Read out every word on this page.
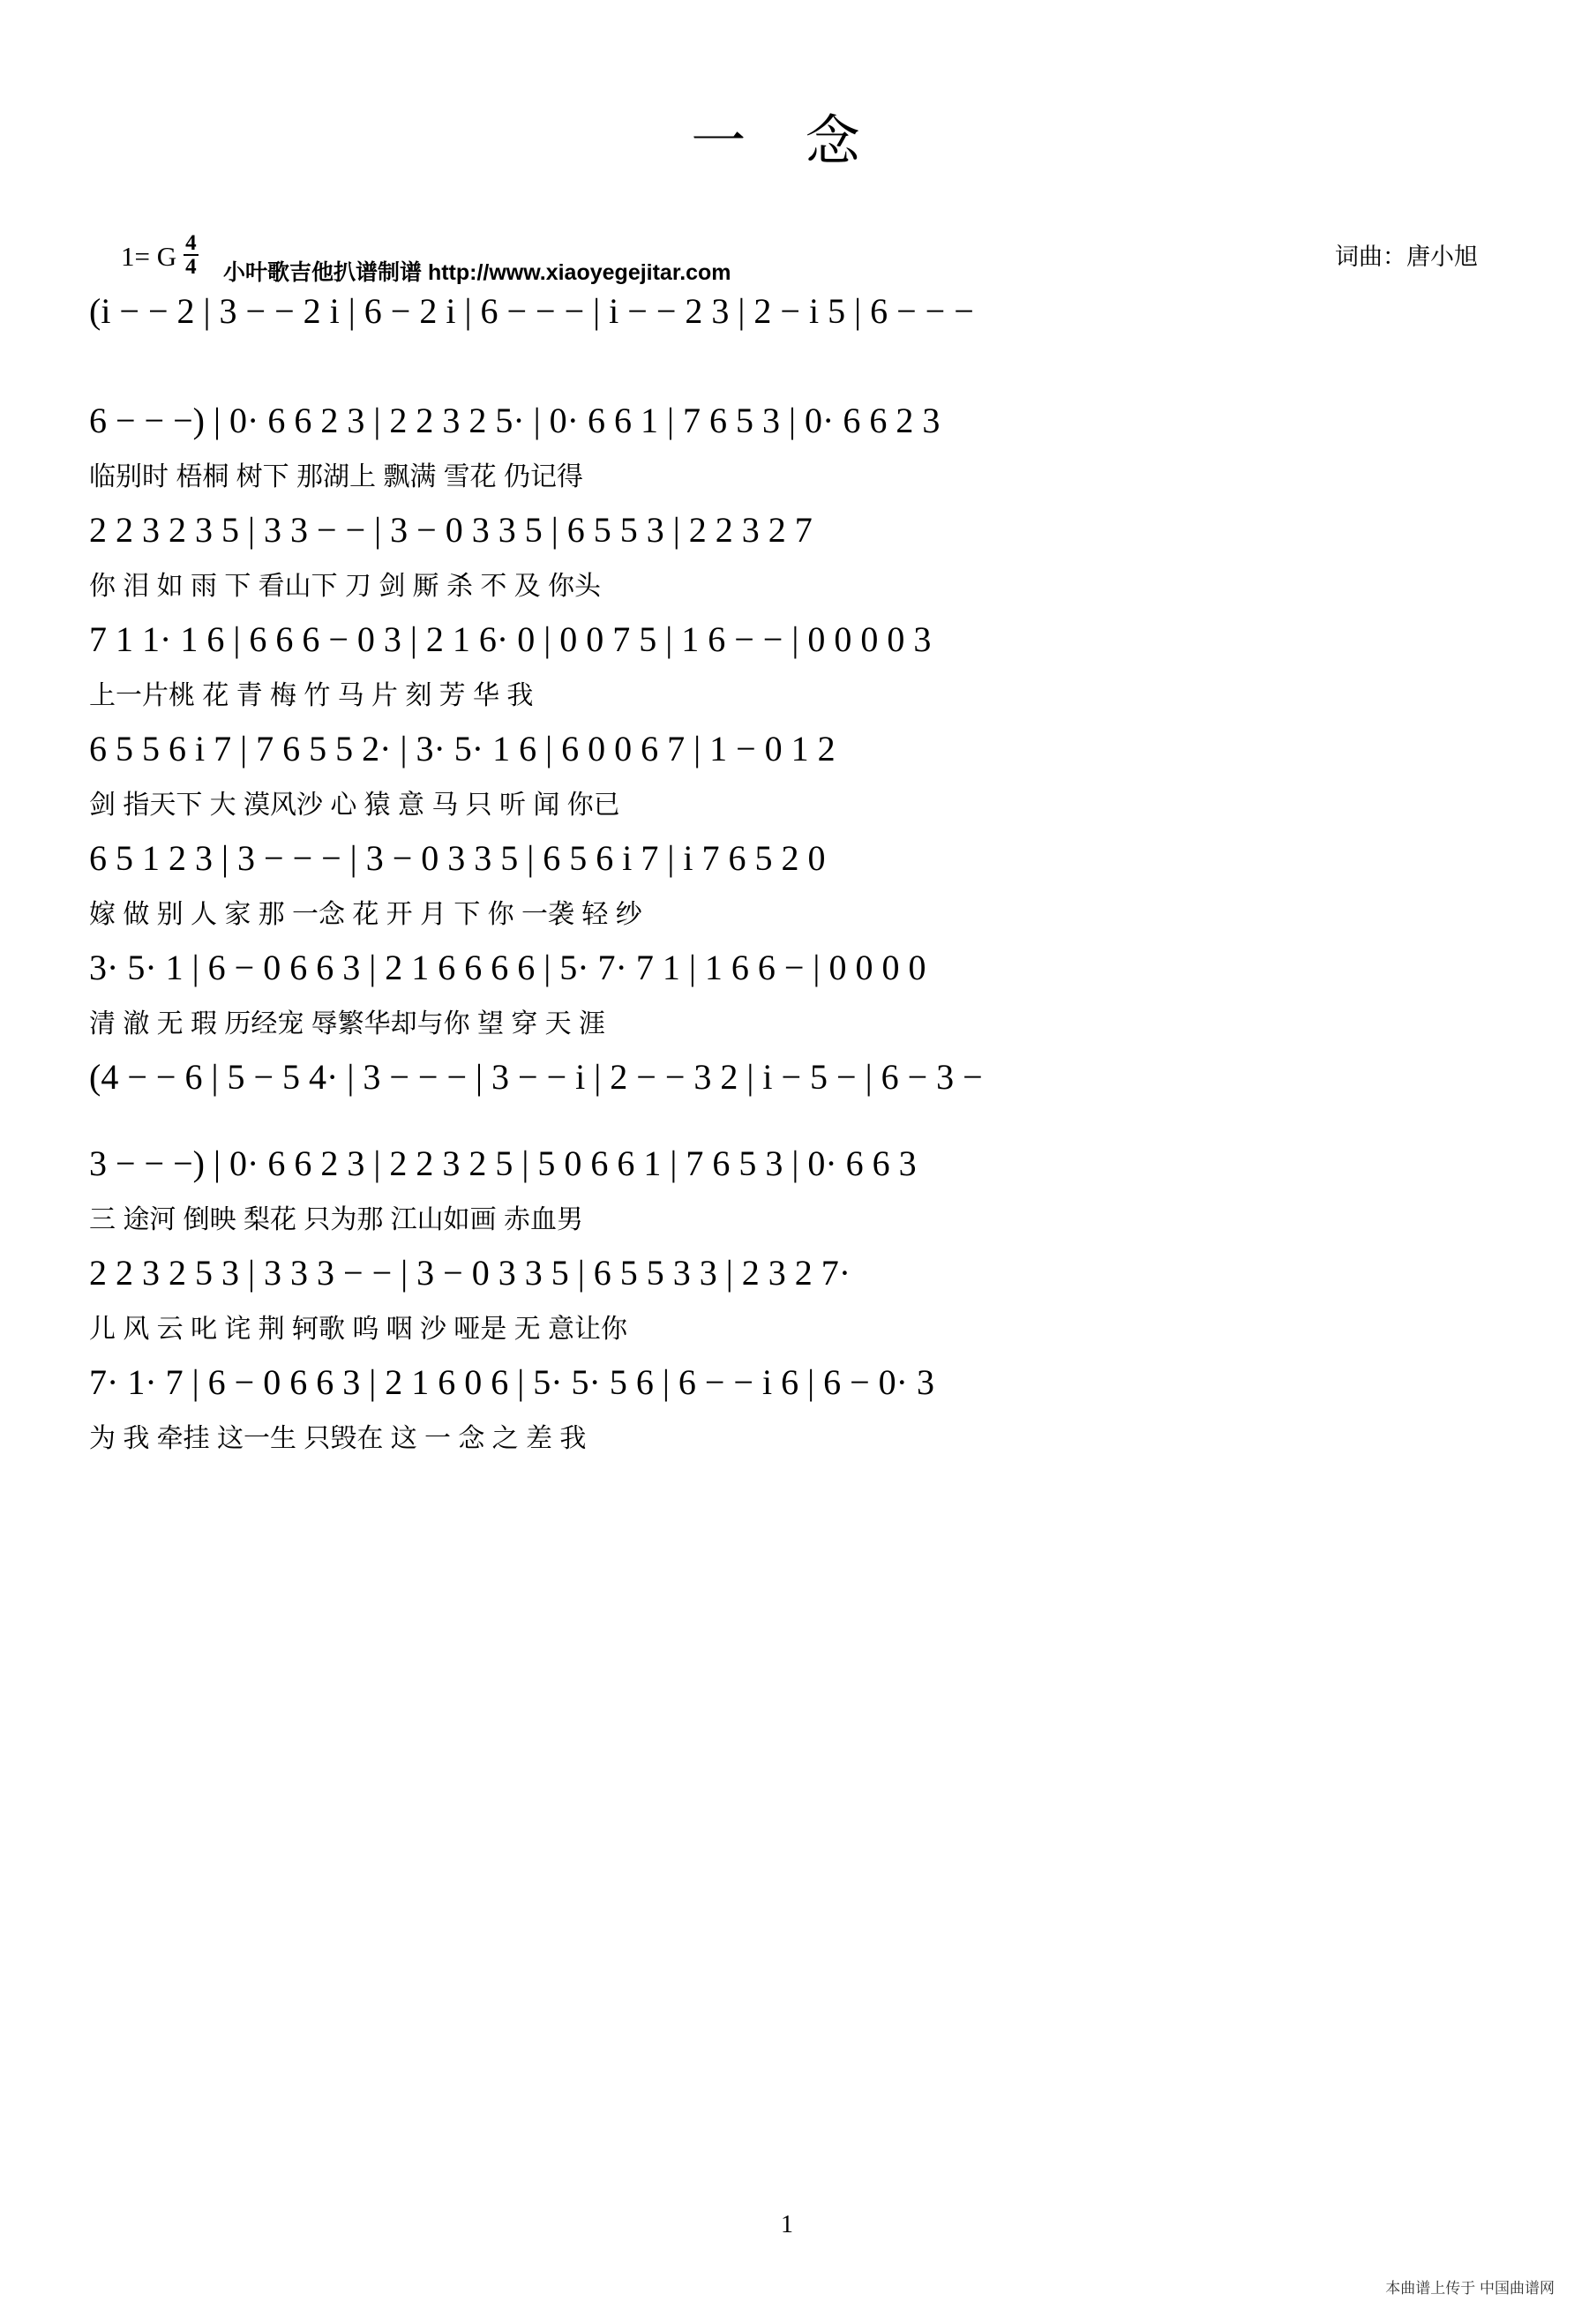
一 念
1= G $\frac{4}{4}$ 小叶歌吉他扒谱制谱 http://www.xiaoyegejitar.com
词曲：唐小旭
(i − − 2 | 3 − − 2 i | 6 − 2 i | 6 − − − | i − − 2 3 | 2 − i 5 | 6 − − −
6 − − −) | 0· 6 6 2 3 | 2 2 3 2 5· | 0· 6 6 1 | 7 6 5 3 | 0· 6 6 2 3
临别时 梧桐 树下 那湖上 飘满 雪花 仍记得
2 2 3 2 3 5 | 3 3 − − | 3 − 0 3 3 5 | 6 5 5 3 | 2 2 3 2 7
你 泪 如 雨 下 看山下 刀 剑 厮 杀 不 及 你头
7 1 1· 1 6 | 6 6 6 − 0 3 | 2 1 6· 0 | 0 0 7 5 | 1 6 − − | 0 0 0 0 3
上一片桃 花 青 梅 竹 马 片 刻 芳 华 我
6 5 5 6 i 7 | 7 6 5 5 2· | 3· 5· 1 6 | 6 0 0 6 7 | 1 − 0 1 2
剑 指天下 大 漠风沙 心 猿 意 马 只 听 闻 你已
6 5 1 2 3 | 3 − − − | 3 − 0 3 3 5 | 6 5 6 i 7 | i 7 6 5 2 0
嫁 做 别 人 家 那 一念 花 开 月 下 你 一袭 轻 纱
3· 5· 1 | 6 − 0 6 6 3 | 2 1 6 6 6 6 | 5· 7· 7 1 | 1 6 6 − | 0 0 0 0
清 澈 无 瑕 历经宠 辱繁华却与你 望 穿 天 涯
(4 − − 6 | 5 − 5 4· | 3 − − − | 3 − − i | 2 − − 3 2 | i − 5 − | 6 − 3 −
3 − − −) | 0· 6 6 2 3 | 2 2 3 2 5 | 5 0 6 6 1 | 7 6 5 3 | 0· 6 6 3
三 途河 倒映 梨花 只为那 江山如画 赤血男
2 2 3 2 5 3 | 3 3 3 − − | 3 − 0 3 3 5 | 6 5 5 3 3 | 2 3 2 7·
儿 风 云 叱 诧 荆 轲歌 呜 咽 沙 哑是 无 意让你
7· 1· 7 | 6 − 0 6 6 3 | 2 1 6 0 6 | 5· 5· 5 6 | 6 − − i 6 | 6 − 0· 3
为 我 牵挂 这一生 只毁在 这 一 念 之 差 我
1
本曲谱上传于 中国曲谱网
